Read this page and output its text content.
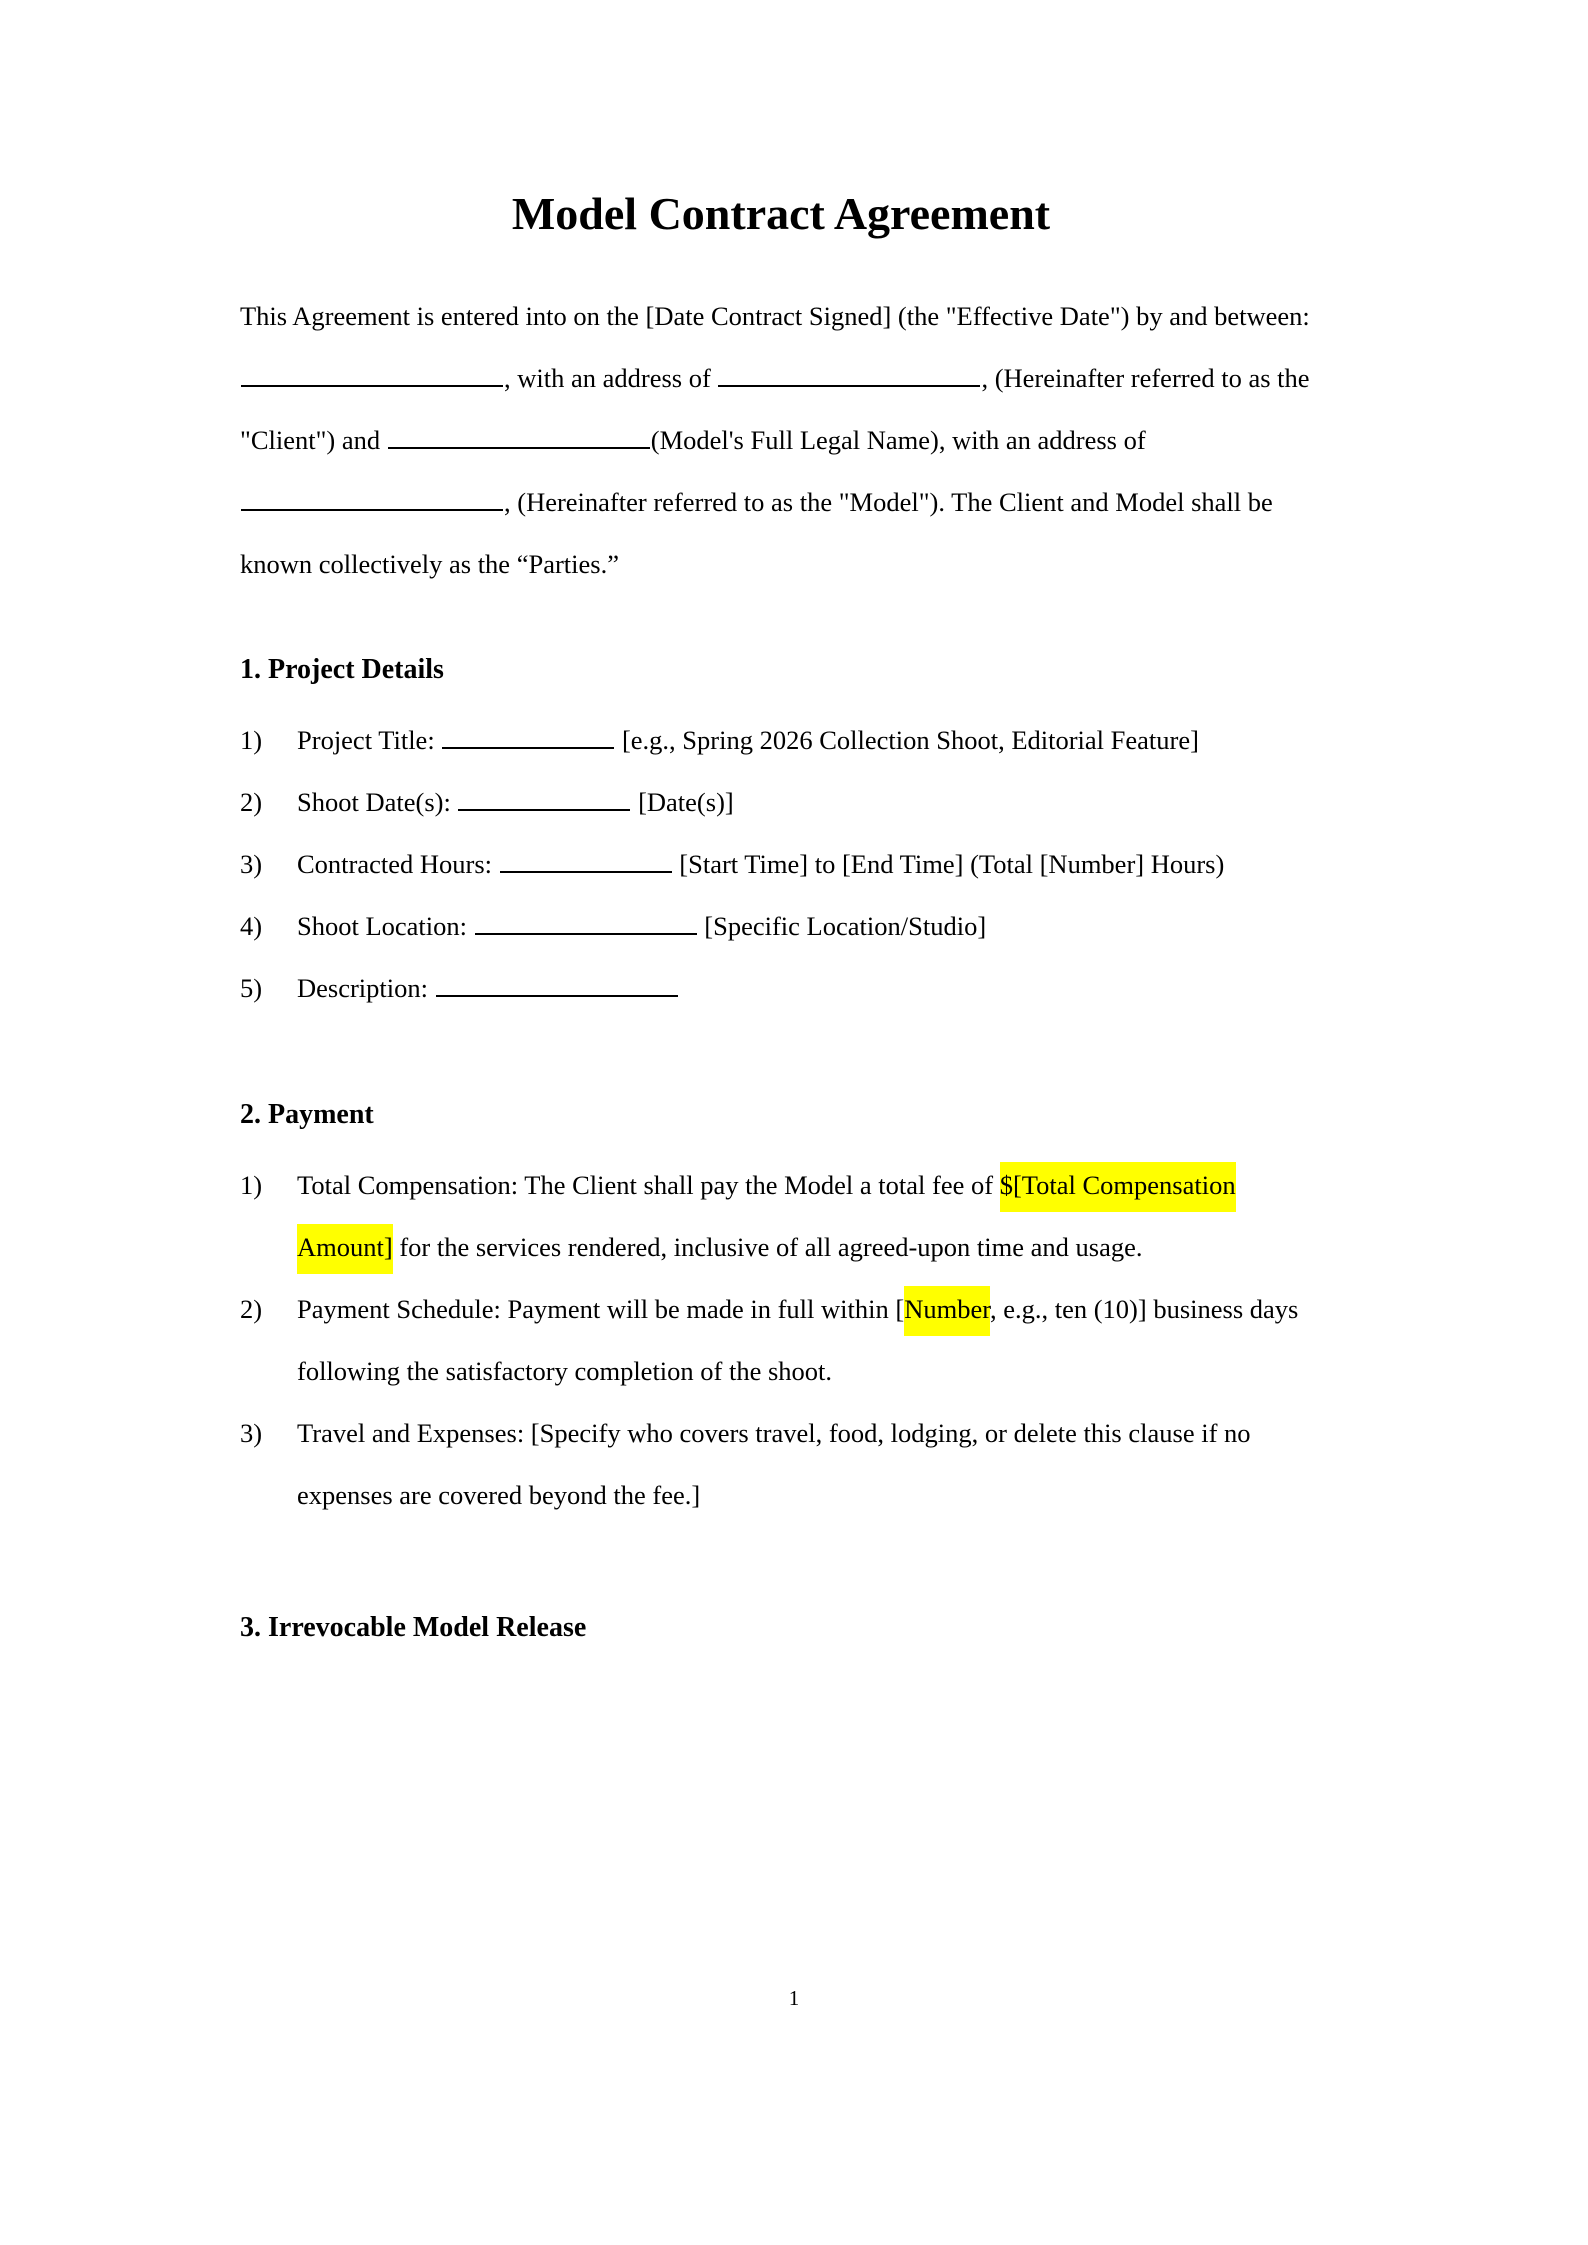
Model Contract Agreement

This Agreement is entered into on the [Date Contract Signed] (the "Effective Date") by and between: , with an address of	, (Hereinafter referred to as the "Client") and	(Model's Full Legal Name), with an address of , (Hereinafter referred to as the "Model"). The Client and Model shall be known collectively as the “Parties.”

1. Project Details
1)	Project Title:	[e.g., Spring 2026 Collection Shoot, Editorial Feature]
2)	Shoot Date(s):	[Date(s)]
3)	Contracted Hours:	[Start Time] to [End Time] (Total [Number] Hours)
4)	Shoot Location:	[Specific Location/Studio]
5)	Description:
2. Payment
1)	Total Compensation: The Client shall pay the Model a total fee of $[Total Compensation Amount] for the services rendered, inclusive of all agreed-upon time and usage.
2)	Payment Schedule: Payment will be made in full within [Number, e.g., ten (10)] business days following the satisfactory completion of the shoot.
3)	Travel and Expenses: [Specify who covers travel, food, lodging, or delete this clause if no expenses are covered beyond the fee.]
3. Irrevocable Model Release
1
